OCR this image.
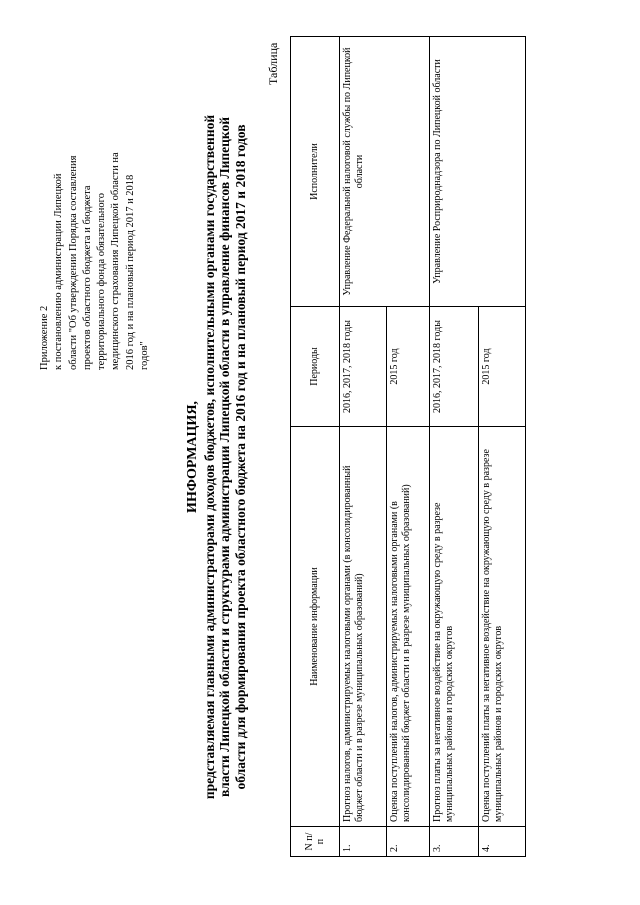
Приложение 2 к постановлению администрации Липецкой области "Об утверждении Порядка составления проектов областного бюджета и бюджета территориального фонда обязательного медицинского страхования Липецкой области на 2016 год и на плановый период 2017 и 2018 годов"
ИНФОРМАЦИЯ, представляемая главными администраторами доходов бюджетов, исполнительными органами государственной власти Липецкой области и структурами администрации Липецкой области в управление финансов Липецкой области для формирования проекта областного бюджета на 2016 год и на плановый период 2017 и 2018 годов
Таблица
N п/п	Наименование информации	Периоды	Исполнители
1.	Прогноз налогов, администрируемых налоговыми органами (в консолидированный бюджет области и в разрезе муниципальных образований)	2016, 2017, 2018 годы	Управление Федеральной налоговой службы по Липецкой области
2.	Оценка поступлений налогов, администрируемых налоговыми органами (в консолидированный бюджет области и в разрезе муниципальных образований)	2015 год	
3.	Прогноз платы за негативное воздействие на окружающую среду в разрезе муниципальных районов и городских округов	2016, 2017, 2018 годы	Управление Росприроднадзора по Липецкой области
4.	Оценка поступлений платы за негативное воздействие на окружающую среду в разрезе муниципальных районов и городских округов	2015 год	
